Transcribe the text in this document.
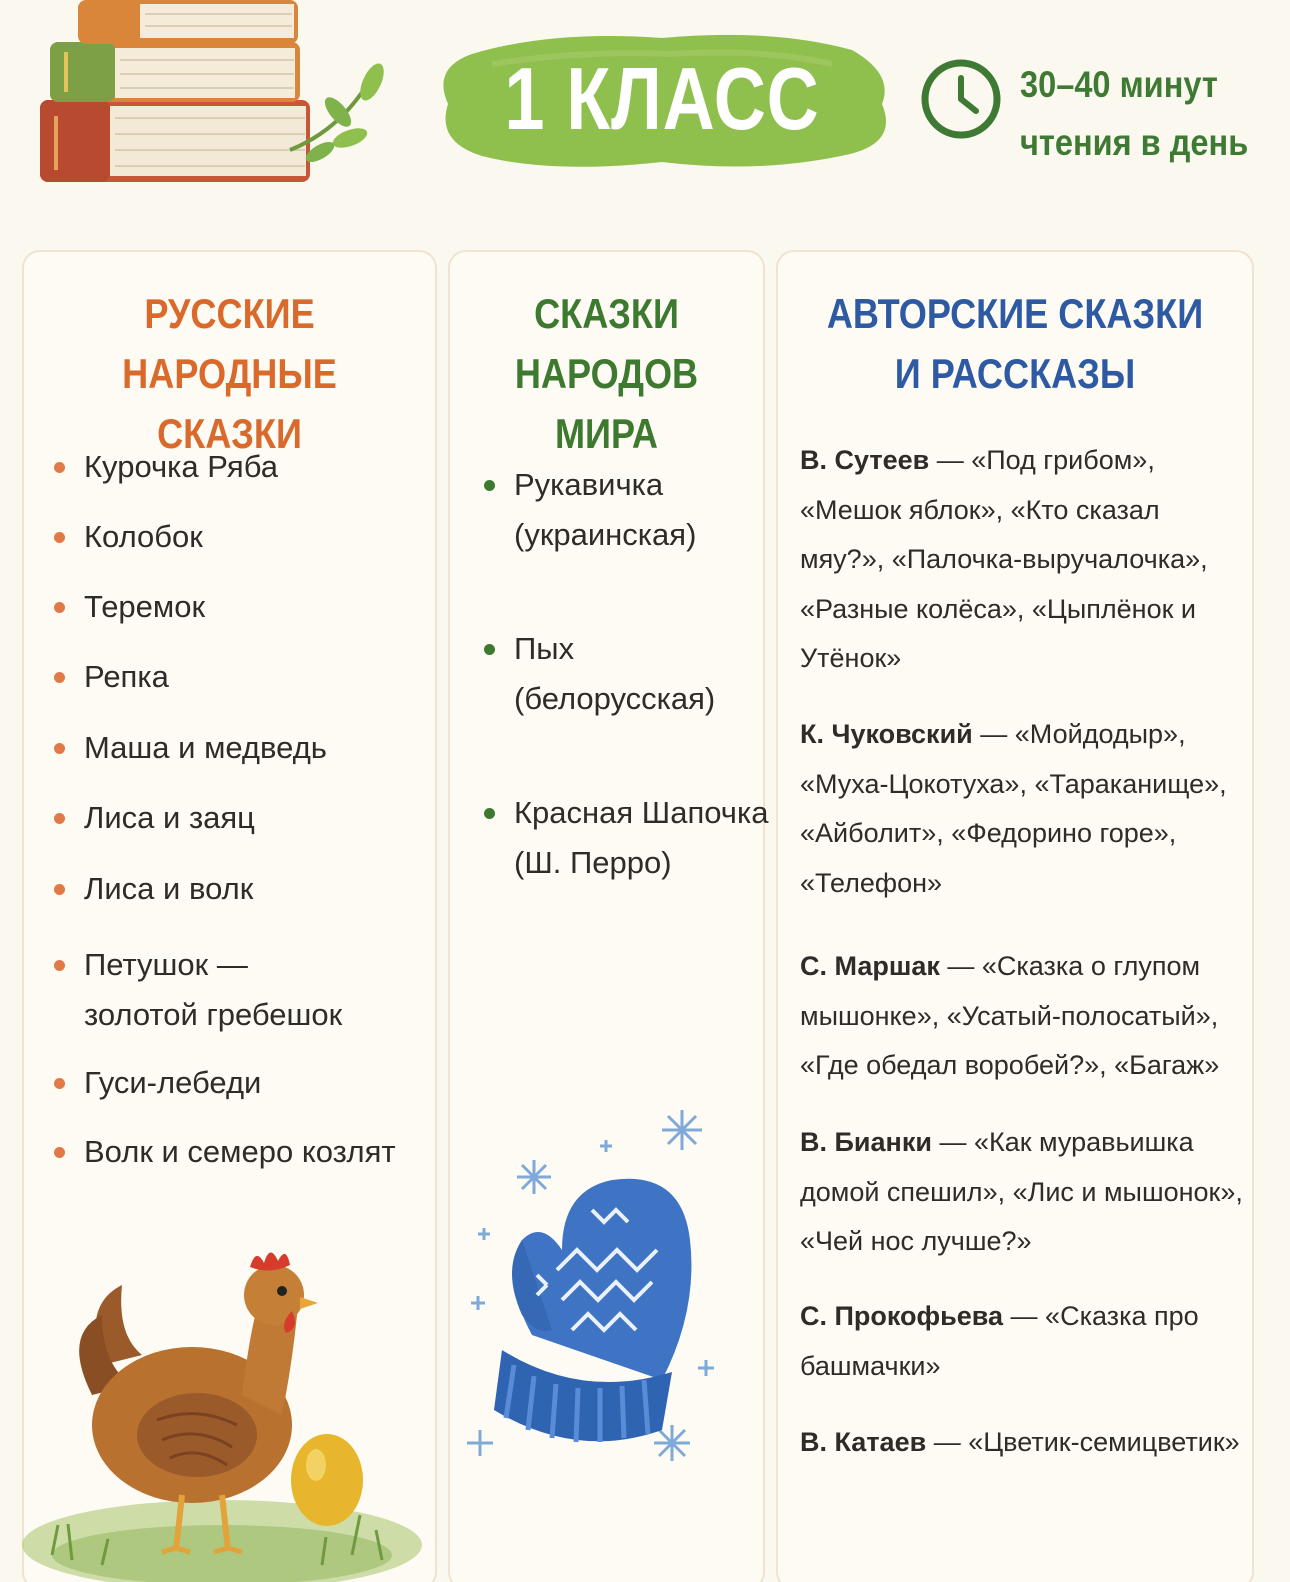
1 КЛАСС	30–40 минут
чтения в день
РУССКИЕ НАРОДНЫЕ
СКАЗКИ
Курочка Ряба
Колобок
Теремок
Репка
Маша и медведь
Лиса и заяц
Лиса и волк
Петушок —
золотой гребешок
Гуси-лебеди
Волк и семеро козлят
СКАЗКИ
НАРОДОВ МИРА
Рукавичка
(украинская)
Пых
(белорусская)
Красная Шапочка
(Ш. Перро)
АВТОРСКИЕ СКАЗКИ
И РАССКАЗЫ
В. Сутеев — «Под грибом», «Мешок яблок», «Кто сказал мяу?», «Палочка-выручалочка», «Разные колёса», «Цыплёнок и Утёнок»
К. Чуковский — «Мойдодыр», «Муха-Цокотуха», «Тараканище», «Айболит», «Федорино горе», «Телефон»
С. Маршак — «Сказка о глупом мышонке», «Усатый-полосатый», «Где обедал воробей?», «Багаж»
В. Бианки — «Как муравьишка домой спешил», «Лис и мышонок», «Чей нос лучше?»
С. Прокофьева — «Сказка про башмачки»
В. Катаев — «Цветик-семицветик»
